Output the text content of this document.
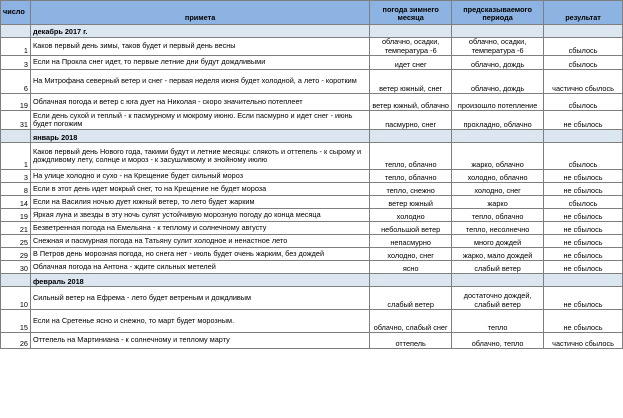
число	примета	погода зимнего месяца	предсказываемого периода	результат
	декабрь 2017 г.			
1	Каков первый день зимы, таков будет и первый день весны	облачно, осадки, температура -6	облачно, осадки, температура -6	сбылось
3	Если на Прокла снег идет, то первые летние дни будут дождливыми	идет снег	облачно, дождь	сбылось
6	На Митрофана северный ветер и снег - первая неделя июня будет холодной, а лето - коротким	ветер южный, снег	облачно, дождь	частично сбылось
19	Облачная погода и ветер с юга дует на Николая - скоро значительно потеплеет	ветер южный, облачно	произошло потепление	сбылось
31	Если день сухой и теплый - к пасмурному и мокрому июню. Если пасмурно и идет снег - июнь будет погожим	пасмурно, снег	прохладно, облачно	не сбылось
	январь 2018			
1	Каков первый день Нового года, такими будут и летние месяцы: слякоть и оттепель - к сырому и дождливому лету, солнце и мороз - к засушливому и знойному июлю	тепло, облачно	жарко, облачно	сбылось
3	На улице холодно и сухо - на Крещение будет сильный мороз	тепло, облачно	холодно, облачно	не сбылось
8	Если в этот день идет мокрый снег, то на Крещение не будет мороза	тепло, снежно	холодно, снег	не сбылось
14	Если на Василия ночью дует южный ветер, то лето будет жарким	ветер южный	жарко	сбылось
19	Яркая луна и звезды в эту ночь сулят устойчивую морозную погоду до конца месяца	холодно	тепло, облачно	не сбылось
21	Безветренная погода на Емельяна - к теплому и солнечному августу	небольшой ветер	тепло, несолнечно	не сбылось
25	Снежная и пасмурная погода на Татьяну сулит холодное и ненастное лето	непасмурно	много дождей	не сбылось
29	В Петров день морозная погода, но снега нет - июль будет очень жарким, без дождей	холодно, снег	жарко, мало дождей	не сбылось
30	Облачная погода на Антона - ждите сильных метелей	ясно	слабый ветер	не сбылось
	февраль 2018			
10	Сильный ветер на Ефрема - лето будет ветреным и дождливым	слабый ветер	достаточно дождей, слабый ветер	не сбылось
15	Если на Сретенье ясно и снежно, то март будет морозным.	облачно, слабый снег	тепло	не сбылось
26	Оттепель на Мартиниана - к солнечному и теплому марту	оттепель	облачно, тепло	частично сбылось
